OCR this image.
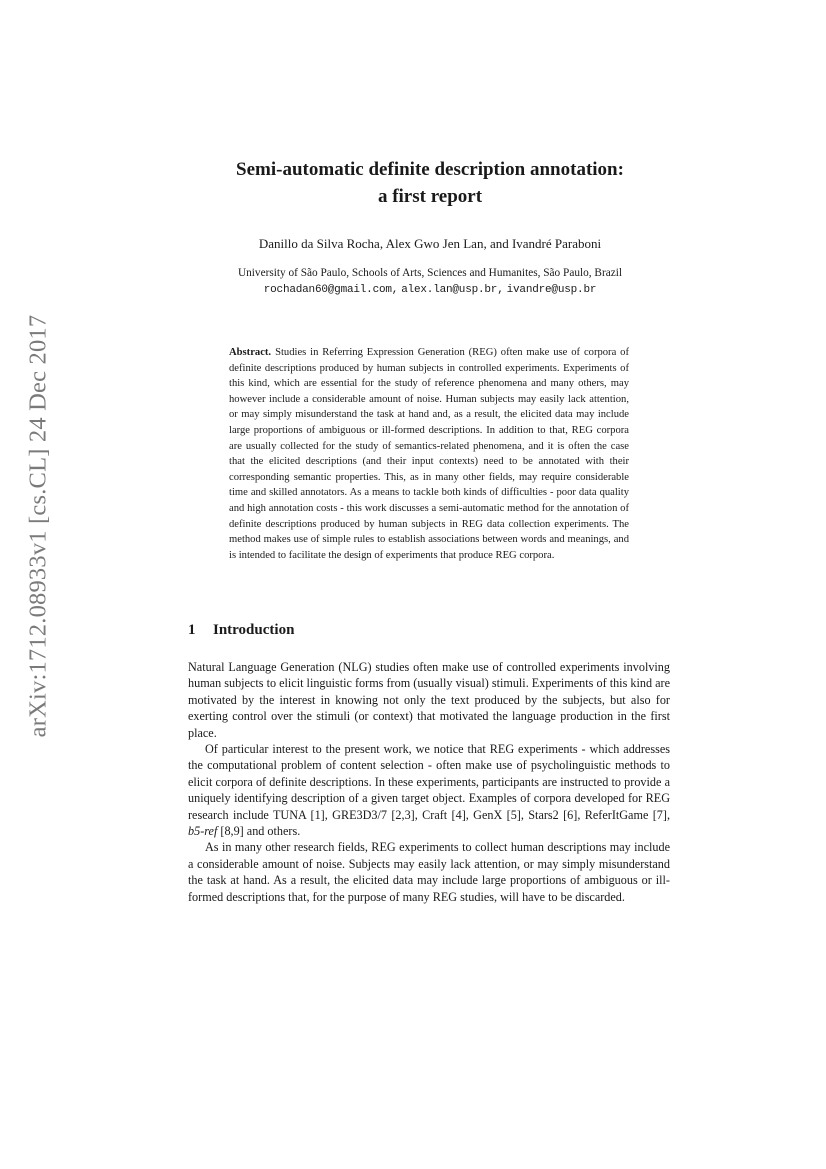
arXiv:1712.08933v1 [cs.CL] 24 Dec 2017
Semi-automatic definite description annotation:
a first report
Danillo da Silva Rocha, Alex Gwo Jen Lan, and Ivandré Paraboni
University of São Paulo, Schools of Arts, Sciences and Humanites, São Paulo, Brazil
rochadan60@gmail.com, alex.lan@usp.br, ivandre@usp.br
Abstract. Studies in Referring Expression Generation (REG) often make use of corpora of definite descriptions produced by human subjects in controlled experiments. Experiments of this kind, which are essential for the study of reference phenomena and many others, may however include a considerable amount of noise. Human subjects may easily lack attention, or may simply misunderstand the task at hand and, as a result, the elicited data may include large proportions of ambiguous or ill-formed descriptions. In addition to that, REG corpora are usually collected for the study of semantics-related phenomena, and it is often the case that the elicited descriptions (and their input contexts) need to be annotated with their corresponding semantic properties. This, as in many other fields, may require considerable time and skilled annotators. As a means to tackle both kinds of difficulties - poor data quality and high annotation costs - this work discusses a semi-automatic method for the annotation of definite descriptions produced by human subjects in REG data collection experiments. The method makes use of simple rules to establish associations between words and meanings, and is intended to facilitate the design of experiments that produce REG corpora.
1 Introduction

Natural Language Generation (NLG) studies often make use of controlled experiments involving human subjects to elicit linguistic forms from (usually visual) stimuli. Experiments of this kind are motivated by the interest in knowing not only the text produced by the subjects, but also for exerting control over the stimuli (or context) that motivated the language production in the first place.

Of particular interest to the present work, we notice that REG experiments - which addresses the computational problem of content selection - often make use of psycholinguistic methods to elicit corpora of definite descriptions. In these experiments, participants are instructed to provide a uniquely identifying description of a given target object. Examples of corpora developed for REG research include TUNA [1], GRE3D3/7 [2,3], Craft [4], GenX [5], Stars2 [6], ReferItGame [7], b5-ref [8,9] and others.

As in many other research fields, REG experiments to collect human descriptions may include a considerable amount of noise. Subjects may easily lack attention, or may simply misunderstand the task at hand. As a result, the elicited data may include large proportions of ambiguous or ill-formed descriptions that, for the purpose of many REG studies, will have to be discarded.
